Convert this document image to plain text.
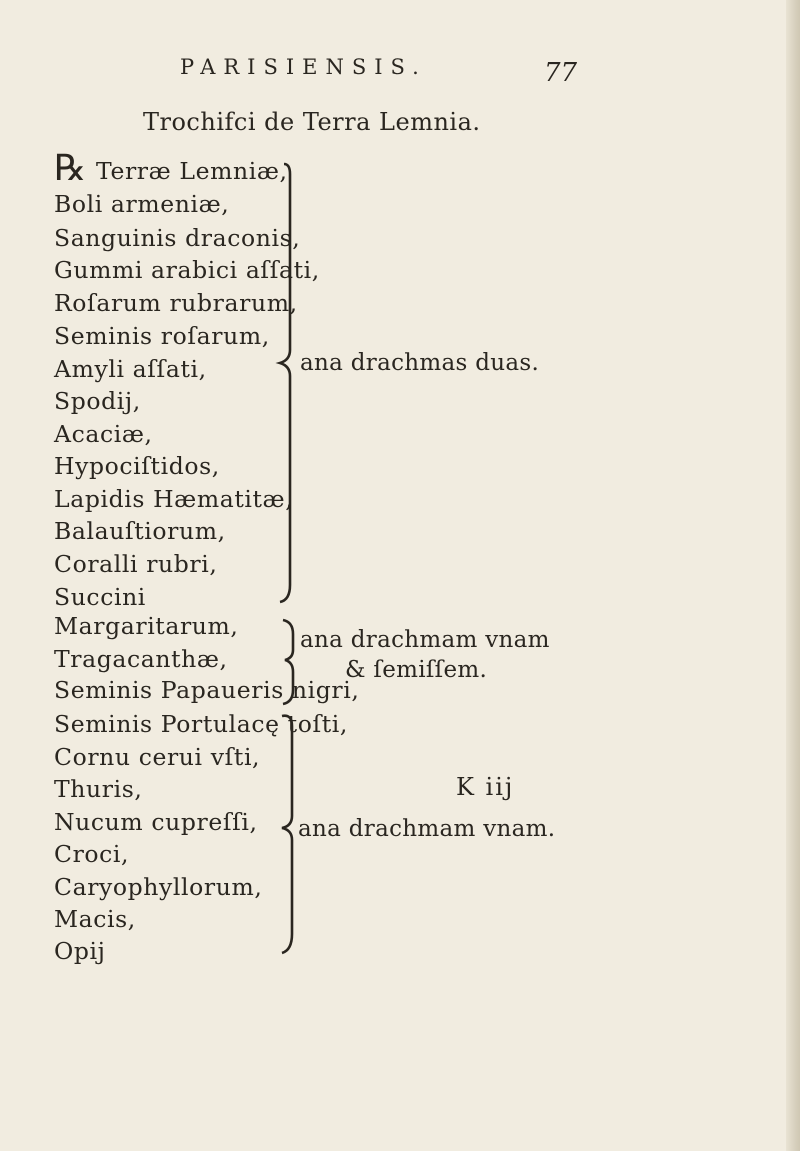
PARISIENSIS.	77
Trochifci de Terra Lemnia.
℞ Terræ Lemniæ,
Boli armeniæ,
Sanguinis draconis,
Gummi arabici aſſati,
Roſarum rubrarum,
Seminis roſarum,
Amyli aſſati,
Spodij,
Acaciæ,
Hypociſtidos,
Lapidis Hæmatitæ,
Balauſtiorum,
Coralli rubri,
Succini
Margaritarum,
Tragacanthæ,
Seminis Papaueris nigri,
Seminis Portulacę toſti,
Cornu cerui vſti,
Thuris,
Nucum cupreſſi,
Croci,
Caryophyllorum,
Macis,
Opij
ana drachmas duas.
ana drachmam vnam
& ſemiſſem.
ana drachmam vnam.
K iij
